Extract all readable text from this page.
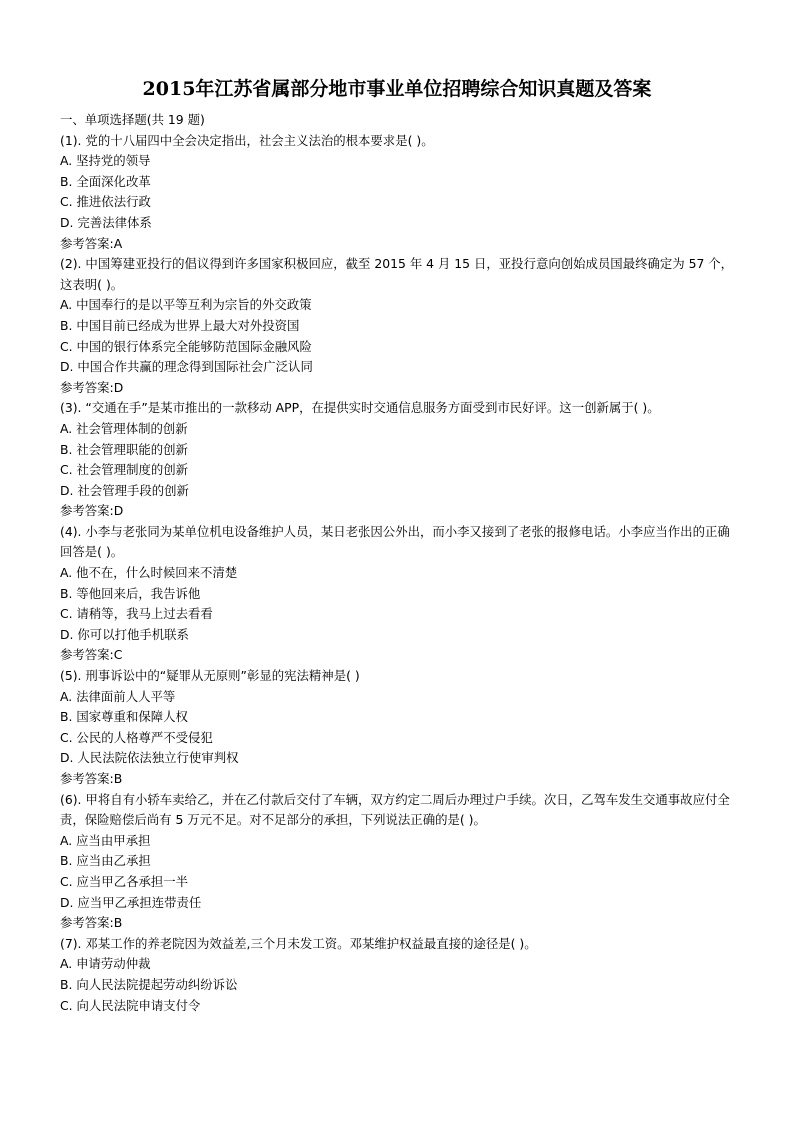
2015年江苏省属部分地市事业单位招聘综合知识真题及答案
一、单项选择题(共 19 题)
(1). 党的十八届四中全会决定指出，社会主义法治的根本要求是( )。
A. 坚持党的领导
B. 全面深化改革
C. 推进依法行政
D. 完善法律体系
参考答案:A
(2). 中国筹建亚投行的倡议得到许多国家积极回应，截至 2015 年 4 月 15 日，亚投行意向创始成员国最终确定为 57 个，这表明( )。
A. 中国奉行的是以平等互利为宗旨的外交政策
B. 中国目前已经成为世界上最大对外投资国
C. 中国的银行体系完全能够防范国际金融风险
D. 中国合作共赢的理念得到国际社会广泛认同
参考答案:D
(3). “交通在手”是某市推出的一款移动 APP，在提供实时交通信息服务方面受到市民好评。这一创新属于( )。
A. 社会管理体制的创新
B. 社会管理职能的创新
C. 社会管理制度的创新
D. 社会管理手段的创新
参考答案:D
(4). 小李与老张同为某单位机电设备维护人员，某日老张因公外出，而小李又接到了老张的报修电话。小李应当作出的正确回答是( )。
A. 他不在，什么时候回来不清楚
B. 等他回来后，我告诉他
C. 请稍等，我马上过去看看
D. 你可以打他手机联系
参考答案:C
(5). 刑事诉讼中的“疑罪从无原则”彰显的宪法精神是( )
A. 法律面前人人平等
B. 国家尊重和保障人权
C. 公民的人格尊严不受侵犯
D. 人民法院依法独立行使审判权
参考答案:B
(6). 甲将自有小轿车卖给乙，并在乙付款后交付了车辆，双方约定二周后办理过户手续。次日，乙驾车发生交通事故应付全责，保险赔偿后尚有 5 万元不足。对不足部分的承担，下列说法正确的是( )。
A. 应当由甲承担
B. 应当由乙承担
C. 应当甲乙各承担一半
D. 应当甲乙承担连带责任
参考答案:B
(7). 邓某工作的养老院因为效益差,三个月未发工资。邓某维护权益最直接的途径是( )。
A. 申请劳动仲裁
B. 向人民法院提起劳动纠纷诉讼
C. 向人民法院申请支付令
